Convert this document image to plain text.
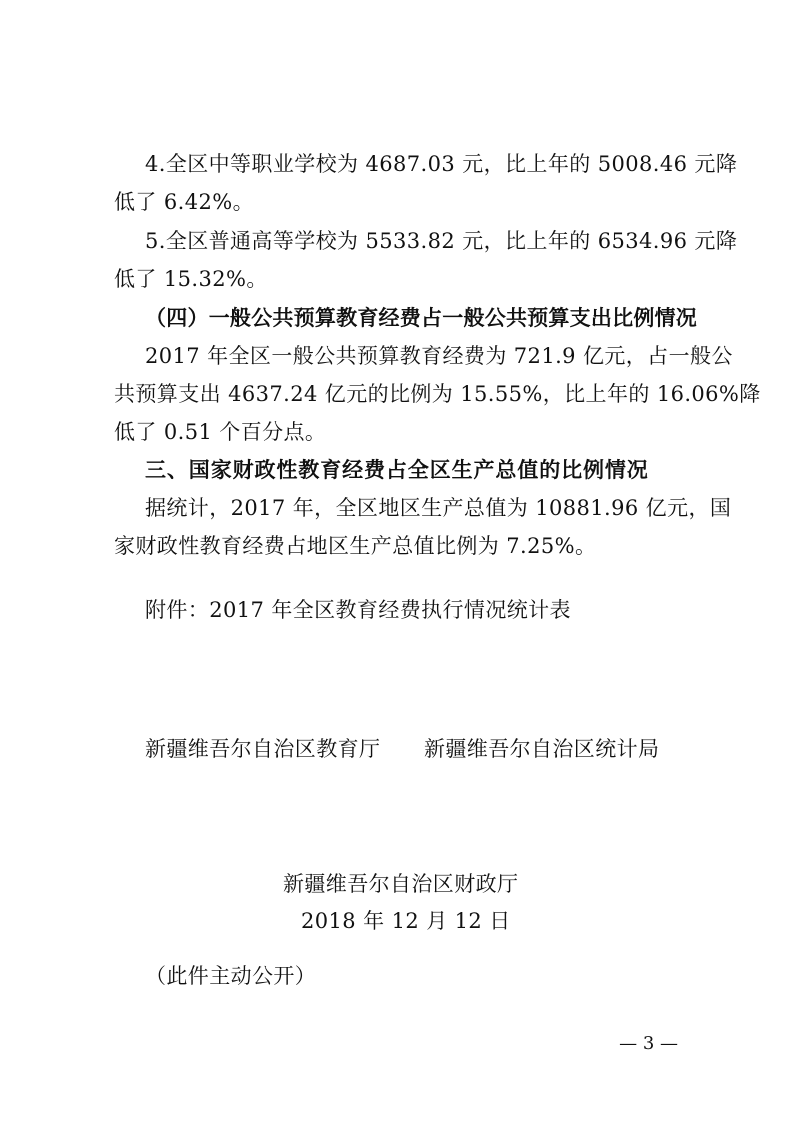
4.全区中等职业学校为 4687.03 元，比上年的 5008.46 元降
低了 6.42%。
5.全区普通高等学校为 5533.82 元，比上年的 6534.96 元降
低了 15.32%。
（四）一般公共预算教育经费占一般公共预算支出比例情况
2017 年全区一般公共预算教育经费为 721.9 亿元，占一般公
共预算支出 4637.24 亿元的比例为 15.55%，比上年的 16.06%降
低了 0.51 个百分点。
三、国家财政性教育经费占全区生产总值的比例情况
据统计，2017 年，全区地区生产总值为 10881.96 亿元，国
家财政性教育经费占地区生产总值比例为 7.25%。
附件：2017 年全区教育经费执行情况统计表
新疆维吾尔自治区教育厅 新疆维吾尔自治区统计局
新疆维吾尔自治区财政厅
2018 年 12 月 12 日
（此件主动公开）
— 3 —
